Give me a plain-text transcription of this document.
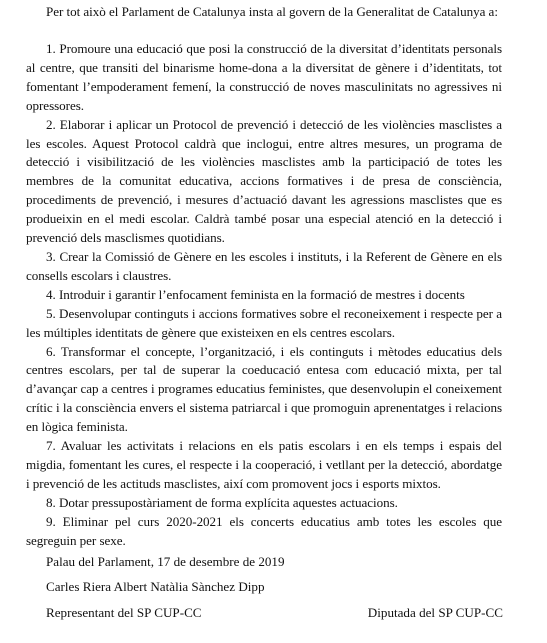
Per tot això el Parlament de Catalunya insta al govern de la Generalitat de Catalunya a:
1. Promoure una educació que posi la construcció de la diversitat d’identitats personals al centre, que transiti del binarisme home-dona a la diversitat de gènere i d’identitats, tot fomentant l’empoderament femení, la construcció de noves masculinitats no agressives ni opressores.
2. Elaborar i aplicar un Protocol de prevenció i detecció de les violències masclistes a les escoles. Aquest Protocol caldrà que inclogui, entre altres mesures, un programa de detecció i visibilització de les violències masclistes amb la participació de totes les membres de la comunitat educativa, accions formatives i de presa de consciència, procediments de prevenció, i mesures d’actuació davant les agressions masclistes que es produeixin en el medi escolar. Caldrà també posar una especial atenció en la detecció i prevenció dels masclismes quotidians.
3. Crear la Comissió de Gènere en les escoles i instituts, i la Referent de Gènere en els consells escolars i claustres.
4. Introduir i garantir l’enfocament feminista en la formació de mestres i docents
5. Desenvolupar continguts i accions formatives sobre el reconeixement i respecte per a les múltiples identitats de gènere que existeixen en els centres escolars.
6. Transformar el concepte, l’organització, i els continguts i mètodes educatius dels centres escolars, per tal de superar la coeducació entesa com educació mixta, per tal d’avançar cap a centres i programes educatius feministes, que desenvolupin el coneixement crític i la consciència envers el sistema patriarcal i que promoguin aprenentatges i relacions en lògica feminista.
7. Avaluar les activitats i relacions en els patis escolars i en els temps i espais del migdia, fomentant les cures, el respecte i la cooperació, i vetllant per la detecció, abordatge i prevenció de les actituds masclistes, així com promovent jocs i esports mixtos.
8. Dotar pressupostàriament de forma explícita aquestes actuacions.
9. Eliminar pel curs 2020-2021 els concerts educatius amb totes les escoles que segreguin per sexe.
Palau del Parlament, 17 de desembre de 2019
Carles Riera Albert Natàlia Sànchez Dipp
Representant del SP CUP-CC	Diputada del SP CUP-CC
